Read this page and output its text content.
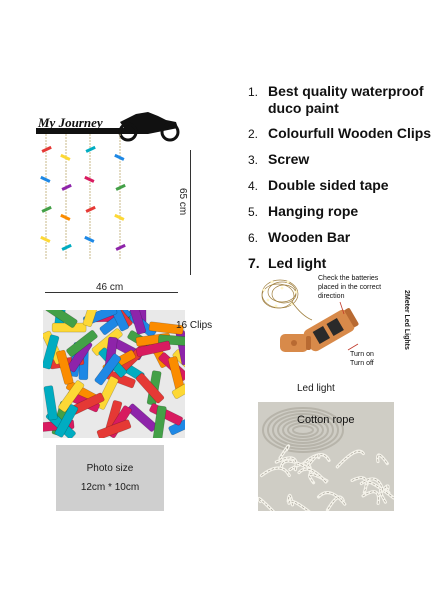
My Journey
65 cm
46 cm
1. Best quality waterproof duco paint
2. Colourfull Wooden Clips
3. Screw
4. Double sided tape
5. Hanging rope
6. Wooden Bar
7. Led light
16 Clips
Photo size
12cm * 10cm
Check the batteries placed in the correct direction
Turn on
Turn off
2Meter Led Lights
Led light
Cotton rope
